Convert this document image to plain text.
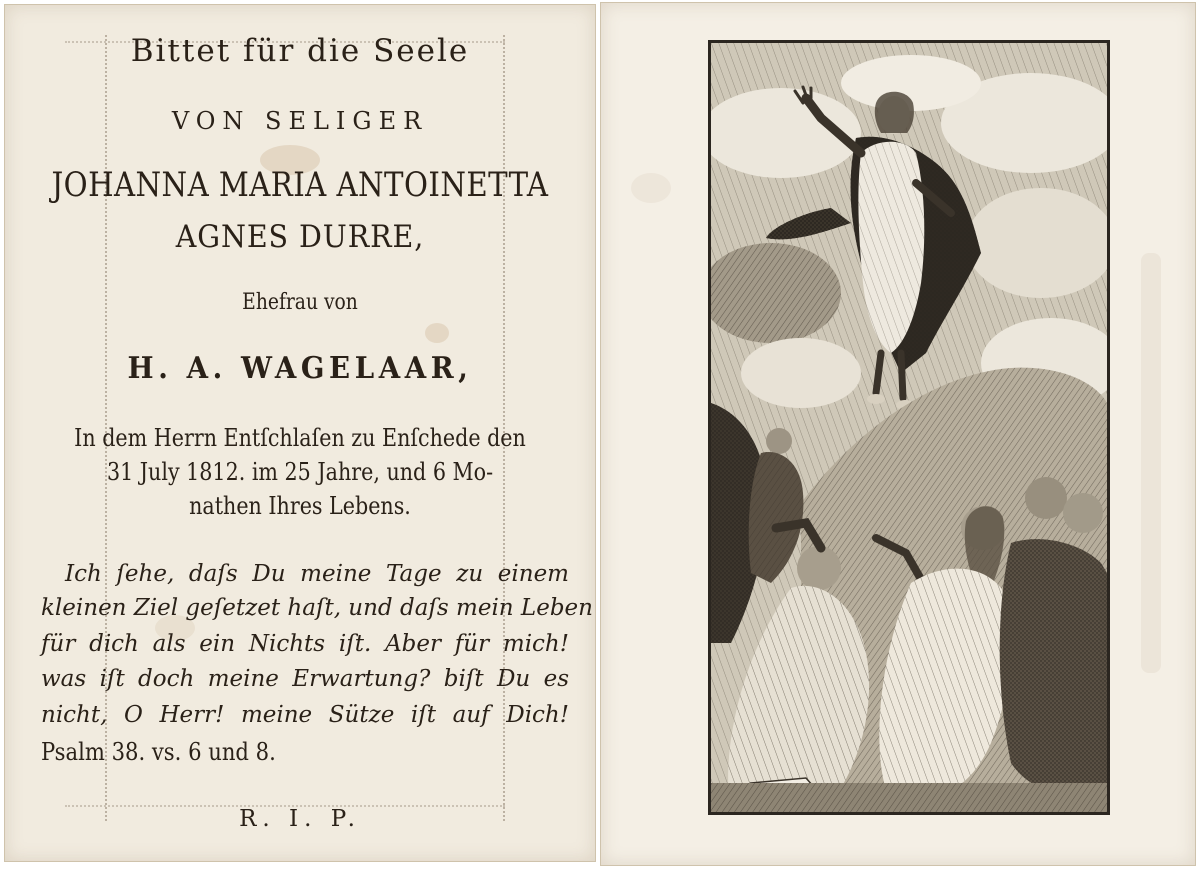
Bittet für die Seele
VON SELIGER
JOHANNA MARIA ANTOINETTA
AGNES DURRE,
Ehefrau von
H. A. WAGELAAR,
In dem Herrn Entſchlaſen zu Enſchede den
31 July 1812. im 25 Jahre, und 6 Mo-
nathen Ihres Lebens.
Ich ſehe, daſs Du meine Tage zu einem
kleinen Ziel geſetzet haſt, und daſs mein Leben
für dich als ein Nichts iſt. Aber für mich!
was iſt doch meine Erwartung? biſt Du es
nicht, O Herr! meine Sütze iſt auf Dich!
Psalm 38. vs. 6 und 8.
R. I. P.
